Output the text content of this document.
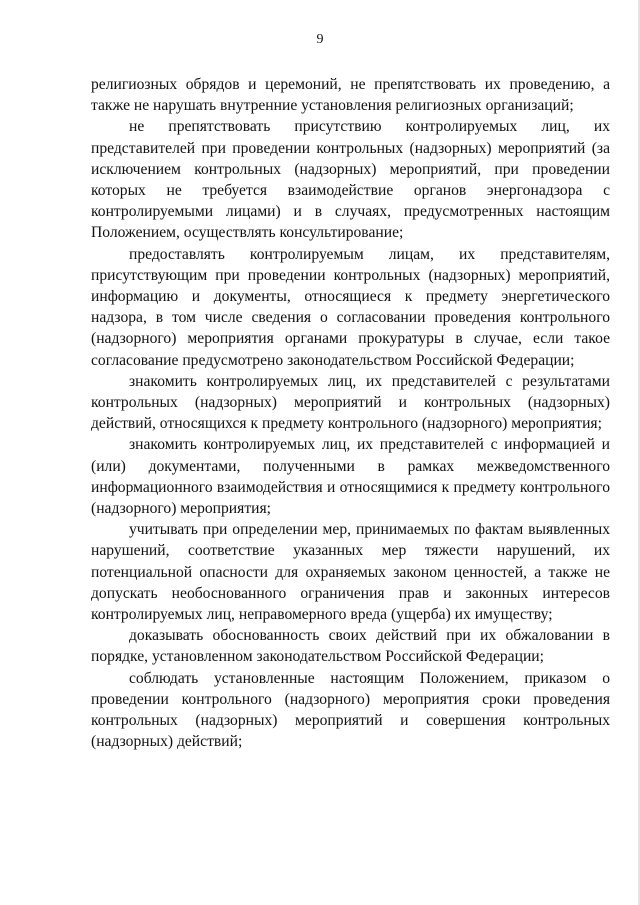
9

религиозных обрядов и церемоний, не препятствовать их проведению, а также не нарушать внутренние установления религиозных организаций;

не препятствовать присутствию контролируемых лиц, их представителей при проведении контрольных (надзорных) мероприятий (за исключением контрольных (надзорных) мероприятий, при проведении которых не требуется взаимодействие органов энергонадзора с контролируемыми лицами) и в случаях, предусмотренных настоящим Положением, осуществлять консультирование;

предоставлять контролируемым лицам, их представителям, присутствующим при проведении контрольных (надзорных) мероприятий, информацию и документы, относящиеся к предмету энергетического надзора, в том числе сведения о согласовании проведения контрольного (надзорного) мероприятия органами прокуратуры в случае, если такое согласование предусмотрено законодательством Российской Федерации;

знакомить контролируемых лиц, их представителей с результатами контрольных (надзорных) мероприятий и контрольных (надзорных) действий, относящихся к предмету контрольного (надзорного) мероприятия;

знакомить контролируемых лиц, их представителей с информацией и (или) документами, полученными в рамках межведомственного информационного взаимодействия и относящимися к предмету контрольного (надзорного) мероприятия;

учитывать при определении мер, принимаемых по фактам выявленных нарушений, соответствие указанных мер тяжести нарушений, их потенциальной опасности для охраняемых законом ценностей, а также не допускать необоснованного ограничения прав и законных интересов контролируемых лиц, неправомерного вреда (ущерба) их имуществу;

доказывать обоснованность своих действий при их обжаловании в порядке, установленном законодательством Российской Федерации;

соблюдать установленные настоящим Положением, приказом о проведении контрольного (надзорного) мероприятия сроки проведения контрольных (надзорных) мероприятий и совершения контрольных (надзорных) действий;
